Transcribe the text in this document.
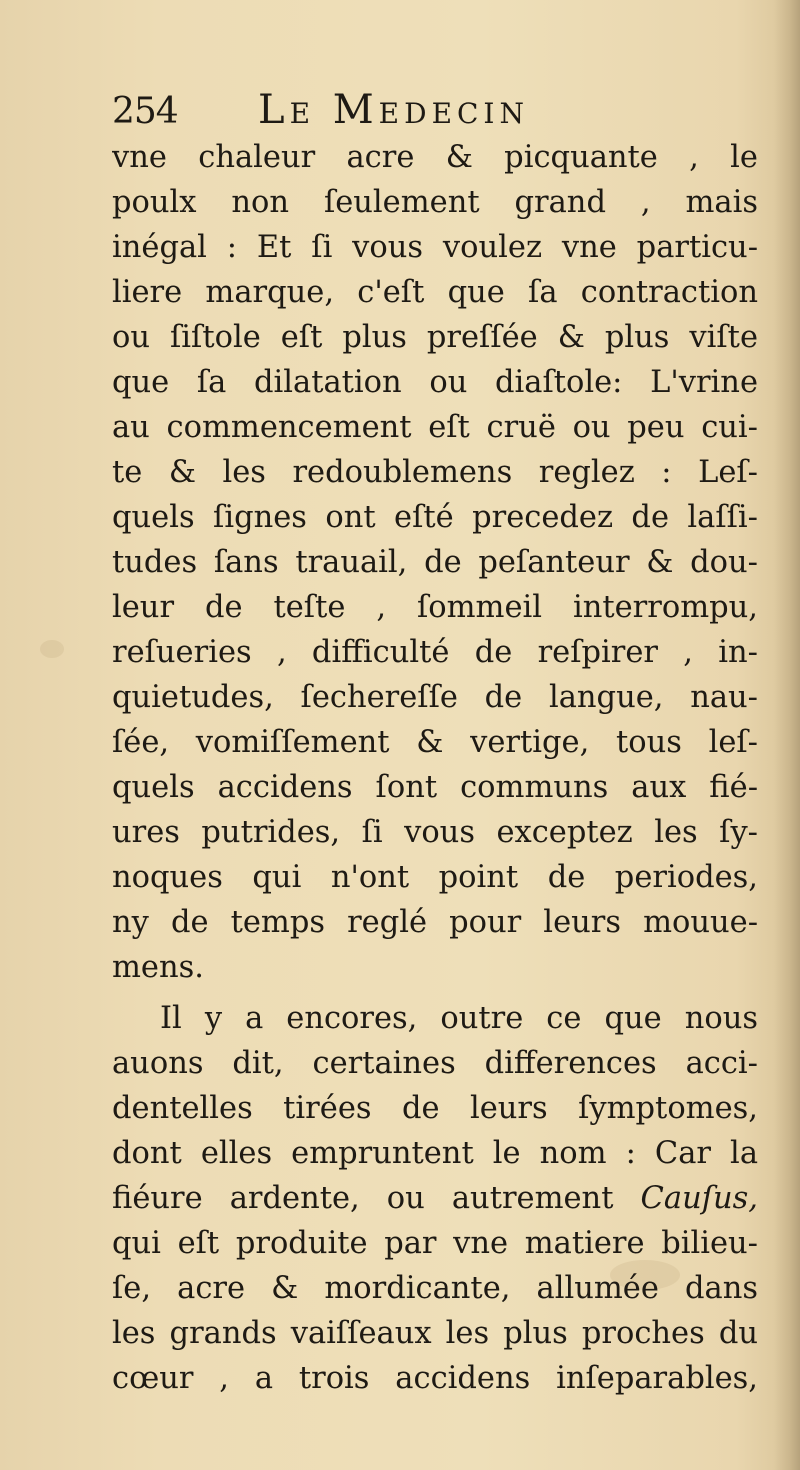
254 Le Medecin
vne chaleur acre & picquante , le
poulx non ſeulement grand , mais
inégal : Et ſi vous voulez vne particu-
liere marque, c'eſt que ſa contraction
ou ſiſtole eſt plus preſſée & plus viſte
que ſa dilatation ou diaſtole: L'vrine
au commencement eſt cruë ou peu cui-
te & les redoublemens reglez : Leſ-
quels ſignes ont eſté precedez de laſſi-
tudes ſans trauail, de peſanteur & dou-
leur de teſte , ſommeil interrompu,
reſueries , difficulté de reſpirer , in-
quietudes, ſechereſſe de langue, nau-
ſée, vomiſſement & vertige, tous leſ-
quels accidens ſont communs aux fié-
ures putrides, ſi vous exceptez les ſy-
noques qui n'ont point de periodes,
ny de temps reglé pour leurs mouue-
mens.
Il y a encores, outre ce que nous
auons dit, certaines differences acci-
dentelles tirées de leurs ſymptomes,
dont elles empruntent le nom : Car la
fiéure ardente, ou autrement Cauſus,
qui eſt produite par vne matiere bilieu-
ſe, acre & mordicante, allumée dans
les grands vaiſſeaux les plus proches du
cœur , a trois accidens inſeparables,
